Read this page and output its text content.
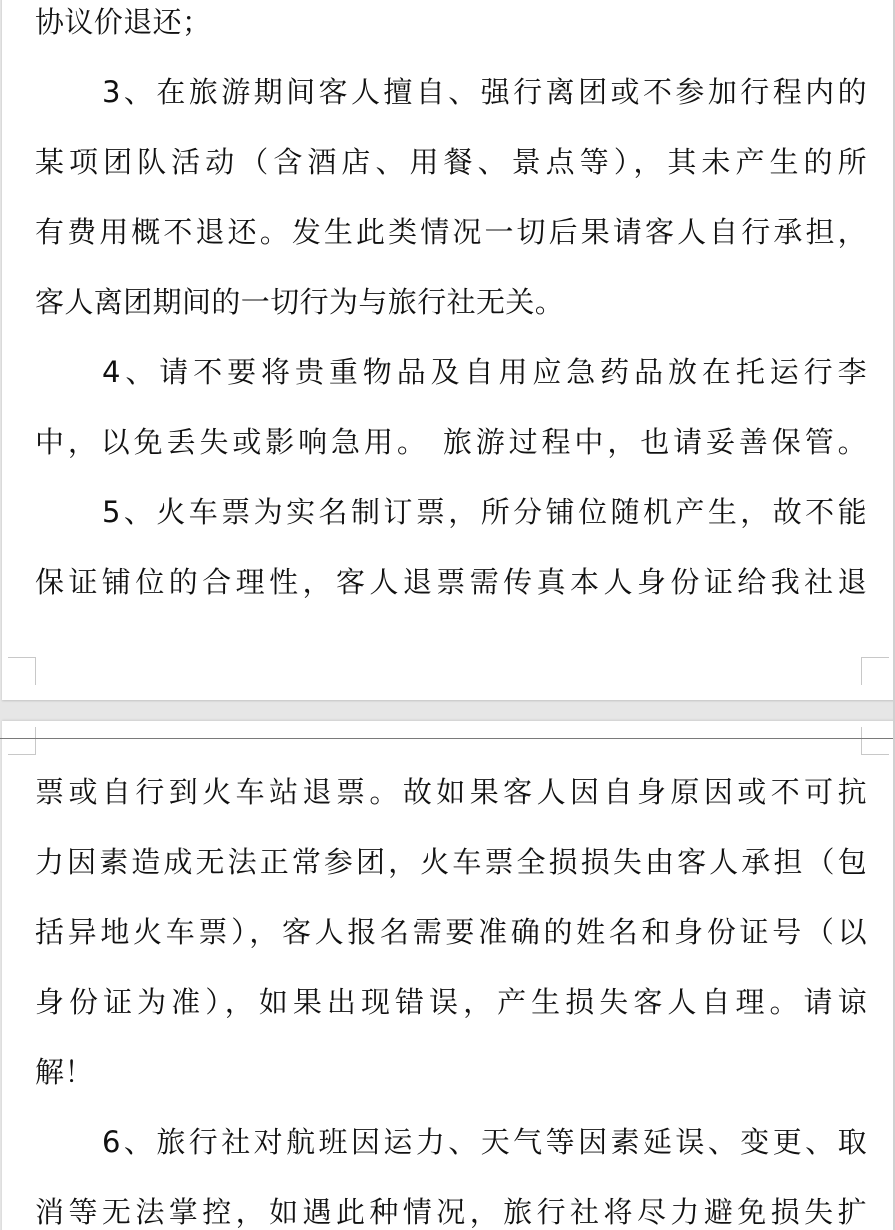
协议价退还；
3、在旅游期间客人擅自、强行离团或不参加行程内的
某项团队活动（含酒店、用餐、景点等），其未产生的所
有费用概不退还。发生此类情况一切后果请客人自行承担，
客人离团期间的一切行为与旅行社无关。
4、请不要将贵重物品及自用应急药品放在托运行李
中，以免丢失或影响急用。 旅游过程中，也请妥善保管。
5、火车票为实名制订票，所分铺位随机产生，故不能
保证铺位的合理性，客人退票需传真本人身份证给我社退
票或自行到火车站退票。故如果客人因自身原因或不可抗
力因素造成无法正常参团，火车票全损损失由客人承担（包
括异地火车票），客人报名需要准确的姓名和身份证号（以
身份证为准），如果出现错误，产生损失客人自理。请谅
解！
6、旅行社对航班因运力、天气等因素延误、变更、取
消等无法掌控，如遇此种情况，旅行社将尽力避免损失扩
